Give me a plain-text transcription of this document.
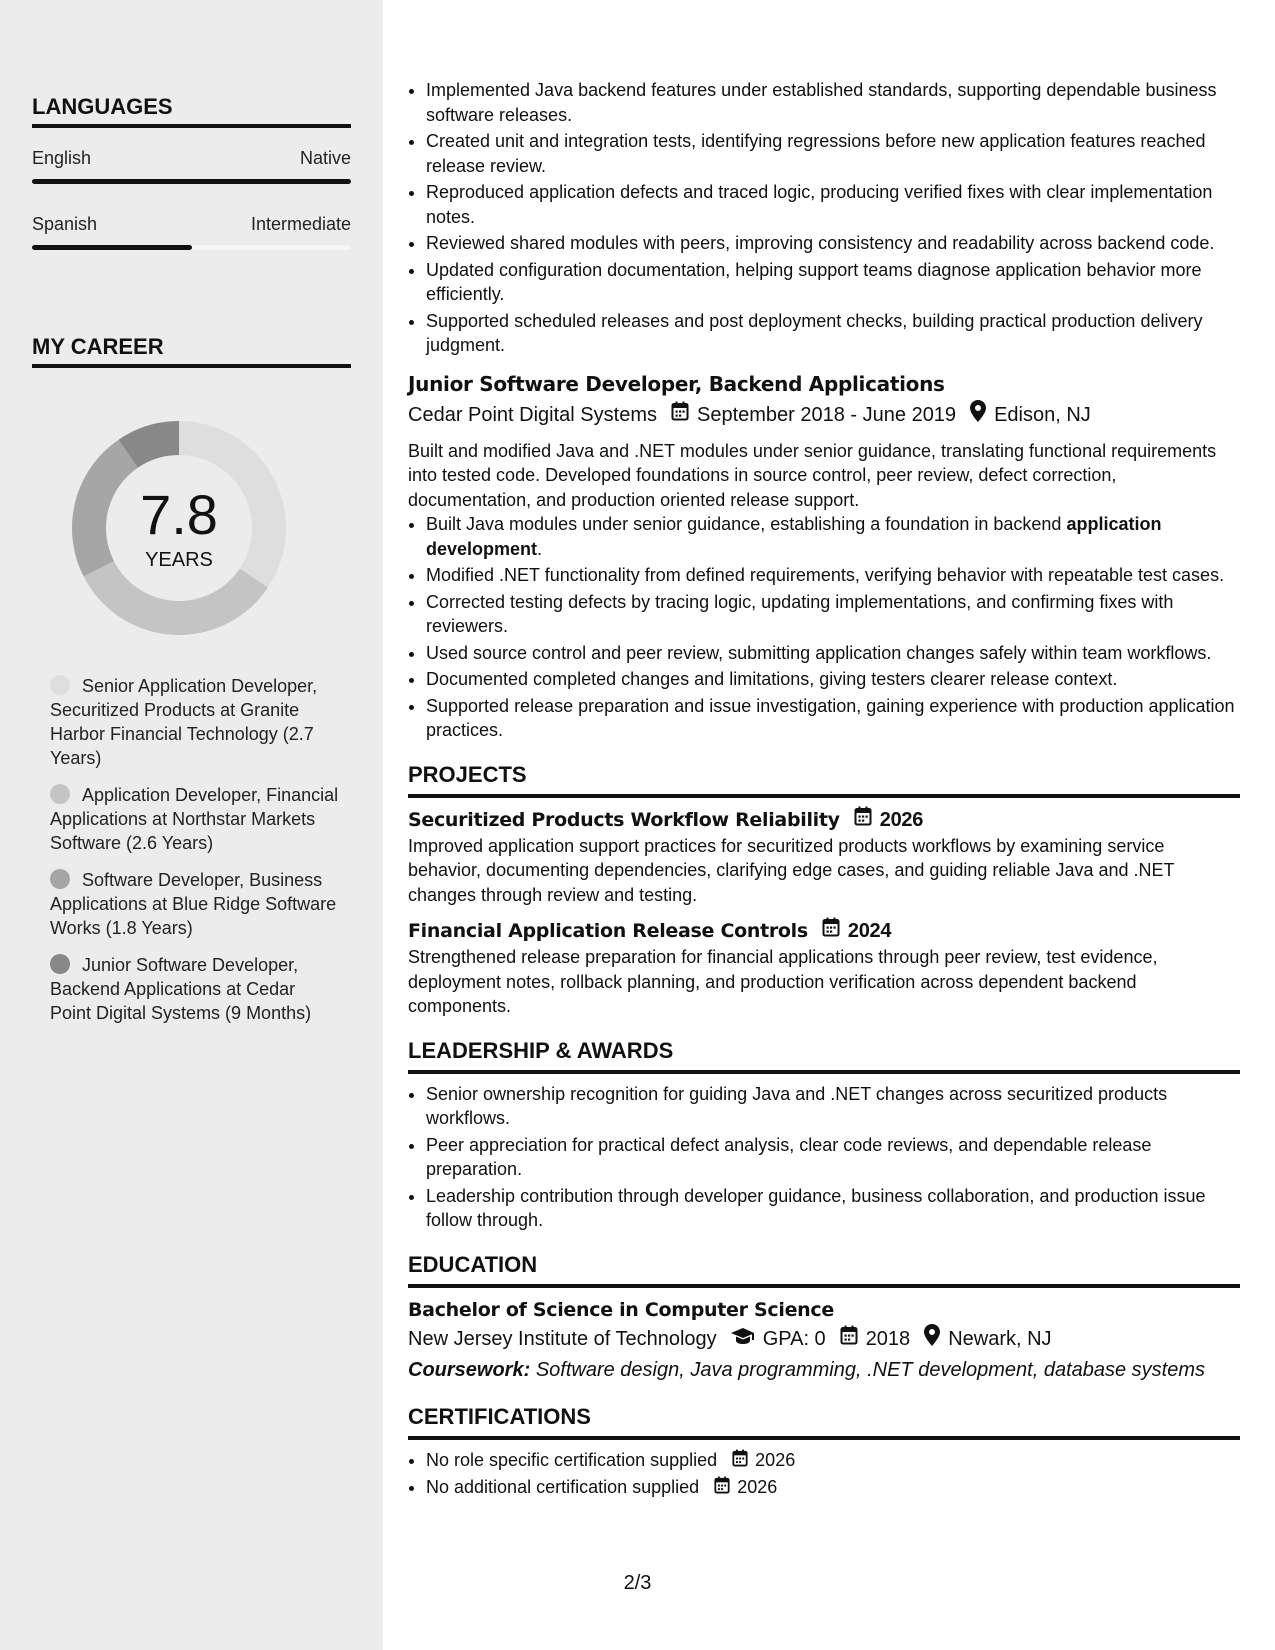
LANGUAGES
English	Native
Spanish	Intermediate
MY CAREER
7.8
YEARS
Senior Application Developer, Securitized Products at Granite Harbor Financial Technology (2.7 Years)
Application Developer, Financial Applications at Northstar Markets Software (2.6 Years)
Software Developer, Business Applications at Blue Ridge Software Works (1.8 Years)
Junior Software Developer, Backend Applications at Cedar Point Digital Systems (9 Months)
• Implemented Java backend features under established standards, supporting dependable business software releases.
• Created unit and integration tests, identifying regressions before new application features reached release review.
• Reproduced application defects and traced logic, producing verified fixes with clear implementation notes.
• Reviewed shared modules with peers, improving consistency and readability across backend code.
• Updated configuration documentation, helping support teams diagnose application behavior more efficiently.
• Supported scheduled releases and post deployment checks, building practical production delivery judgment.
Junior Software Developer, Backend Applications
Cedar Point Digital Systems September 2018 - June 2019 Edison, NJ
Built and modified Java and .NET modules under senior guidance, translating functional requirements into tested code. Developed foundations in source control, peer review, defect correction, documentation, and production oriented release support.
• Built Java modules under senior guidance, establishing a foundation in backend application development.
• Modified .NET functionality from defined requirements, verifying behavior with repeatable test cases.
• Corrected testing defects by tracing logic, updating implementations, and confirming fixes with reviewers.
• Used source control and peer review, submitting application changes safely within team workflows.
• Documented completed changes and limitations, giving testers clearer release context.
• Supported release preparation and issue investigation, gaining experience with production application practices.
PROJECTS
Securitized Products Workflow Reliability 2026
Improved application support practices for securitized products workflows by examining service behavior, documenting dependencies, clarifying edge cases, and guiding reliable Java and .NET changes through review and testing.
Financial Application Release Controls 2024
Strengthened release preparation for financial applications through peer review, test evidence, deployment notes, rollback planning, and production verification across dependent backend components.
LEADERSHIP & AWARDS
• Senior ownership recognition for guiding Java and .NET changes across securitized products workflows.
• Peer appreciation for practical defect analysis, clear code reviews, and dependable release preparation.
• Leadership contribution through developer guidance, business collaboration, and production issue follow through.
EDUCATION
Bachelor of Science in Computer Science
New Jersey Institute of Technology GPA: 0 2018 Newark, NJ
Coursework: Software design, Java programming, .NET development, database systems
CERTIFICATIONS
• No role specific certification supplied 2026
• No additional certification supplied 2026
2/3
